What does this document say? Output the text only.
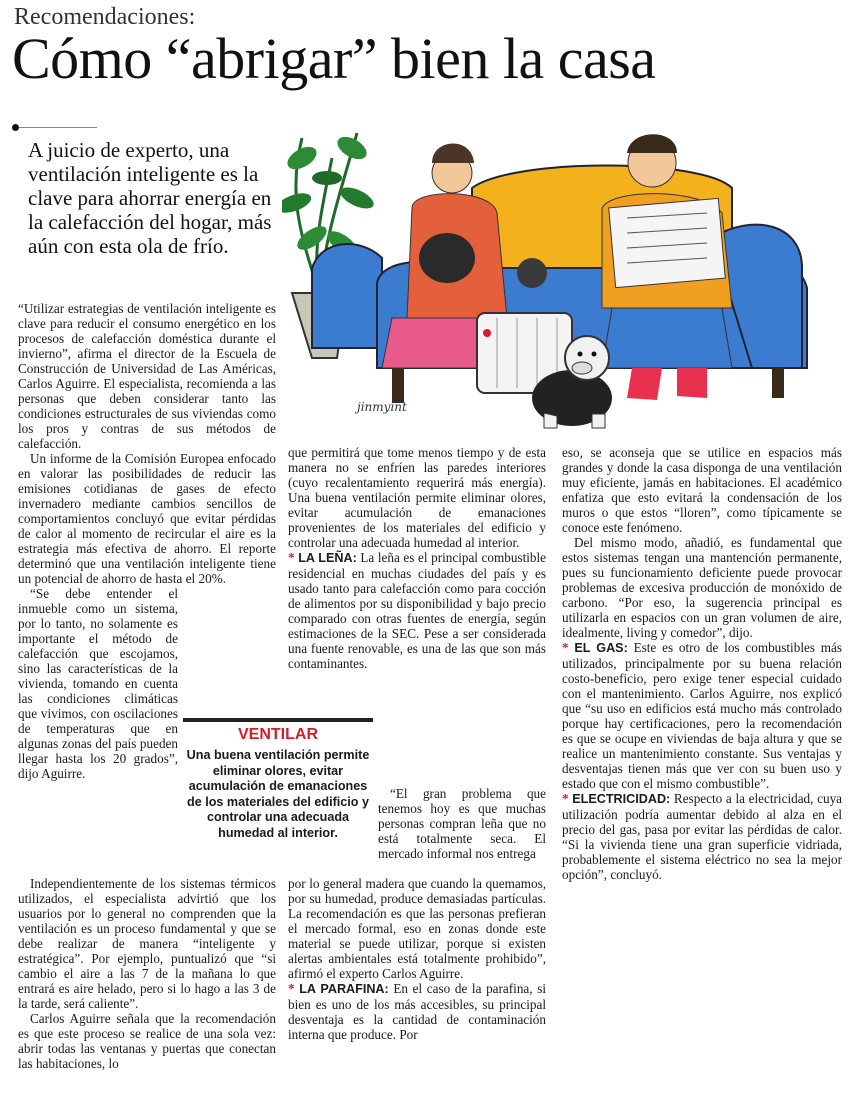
Recomendaciones:
Cómo “abrigar” bien la casa
A juicio de experto, una ventilación inteligente es la clave para ahorrar energía en la calefacción del hogar, más aún con esta ola de frío.
jinmyint

“Utilizar estrategias de ventilación inteligente es clave para reducir el consumo energético en los procesos de calefacción doméstica durante el invierno”, afirma el director de la Escuela de Construcción de Universidad de Las Américas, Carlos Aguirre. El especialista, recomienda a las personas que deben considerar tanto las condiciones estructurales de sus viviendas como los pros y contras de sus métodos de calefacción.

Un informe de la Comisión Europea enfocado en valorar las posibilidades de reducir las emisiones cotidianas de gases de efecto invernadero mediante cambios sencillos de comportamientos concluyó que evitar pérdidas de calor al momento de recircular el aire es la estrategia más efectiva de ahorro. El reporte determinó que una ventilación inteligente tiene un potencial de ahorro de hasta el 20%.

“Se debe entender el inmueble como un sistema, por lo tanto, no solamente es importante el método de calefacción que escojamos, sino las características de la vivienda, tomando en cuenta las condiciones climáticas que vivimos, con oscilaciones de temperaturas que en algunas zonas del país pueden llegar hasta los 20 grados”, dijo Aguirre.

Independientemente de los sistemas térmicos utilizados, el especialista advirtió que los usuarios por lo general no comprenden que la ventilación es un proceso fundamental y que se debe realizar de manera “inteligente y estratégica”. Por ejemplo, puntualizó que “si cambio el aire a las 7 de la mañana lo que entrará es aire helado, pero si lo hago a las 3 de la tarde, será caliente”.

Carlos Aguirre señala que la recomendación es que este proceso se realice de una sola vez: abrir todas las ventanas y puertas que conectan las habitaciones, lo

VENTILAR
Una buena ventilación permite eliminar olores, evitar acumulación de emanaciones de los materiales del edificio y controlar una adecuada humedad al interior.

que permitirá que tome menos tiempo y de esta manera no se enfríen las paredes interiores (cuyo recalentamiento requerirá más energía). Una buena ventilación permite eliminar olores, evitar acumulación de emanaciones provenientes de los materiales del edificio y controlar una adecuada humedad al interior.

* LA LEÑA: La leña es el principal combustible residencial en muchas ciudades del país y es usado tanto para calefacción como para cocción de alimentos por su disponibilidad y bajo precio comparado con otras fuentes de energía, según estimaciones de la SEC. Pese a ser considerada una fuente renovable, es una de las que son más contaminantes.

“El gran problema que tenemos hoy es que muchas personas compran leña que no está totalmente seca. El mercado informal nos entrega

por lo general madera que cuando la quemamos, por su humedad, produce demasiadas partículas. La recomendación es que las personas prefieran el mercado formal, eso en zonas donde este material se puede utilizar, porque si existen alertas ambientales está totalmente prohibido”, afirmó el experto Carlos Aguirre.

* LA PARAFINA: En el caso de la parafina, si bien es uno de los más accesibles, su principal desventaja es la cantidad de contaminación interna que produce. Por

eso, se aconseja que se utilice en espacios más grandes y donde la casa disponga de una ventilación muy eficiente, jamás en habitaciones. El académico enfatiza que esto evitará la condensación de los muros o que estos “lloren”, como típicamente se conoce este fenómeno.

Del mismo modo, añadió, es fundamental que estos sistemas tengan una mantención permanente, pues su funcionamiento deficiente puede provocar problemas de excesiva producción de monóxido de carbono. “Por eso, la sugerencia principal es utilizarla en espacios con un gran volumen de aire, idealmente, living y comedor”, dijo.

* EL GAS: Este es otro de los combustibles más utilizados, principalmente por su buena relación costo-beneficio, pero exige tener especial cuidado con el mantenimiento. Carlos Aguirre, nos explicó que “su uso en edificios está mucho más controlado porque hay certificaciones, pero la recomendación es que se ocupe en viviendas de baja altura y que se realice un mantenimiento constante. Sus ventajas y desventajas tienen más que ver con su buen uso y estado que con el mismo combustible”.

* ELECTRICIDAD: Respecto a la electricidad, cuya utilización podría aumentar debido al alza en el precio del gas, pasa por evitar las pérdidas de calor. “Si la vivienda tiene una gran superficie vidriada, probablemente el sistema eléctrico no sea la mejor opción”, concluyó.
